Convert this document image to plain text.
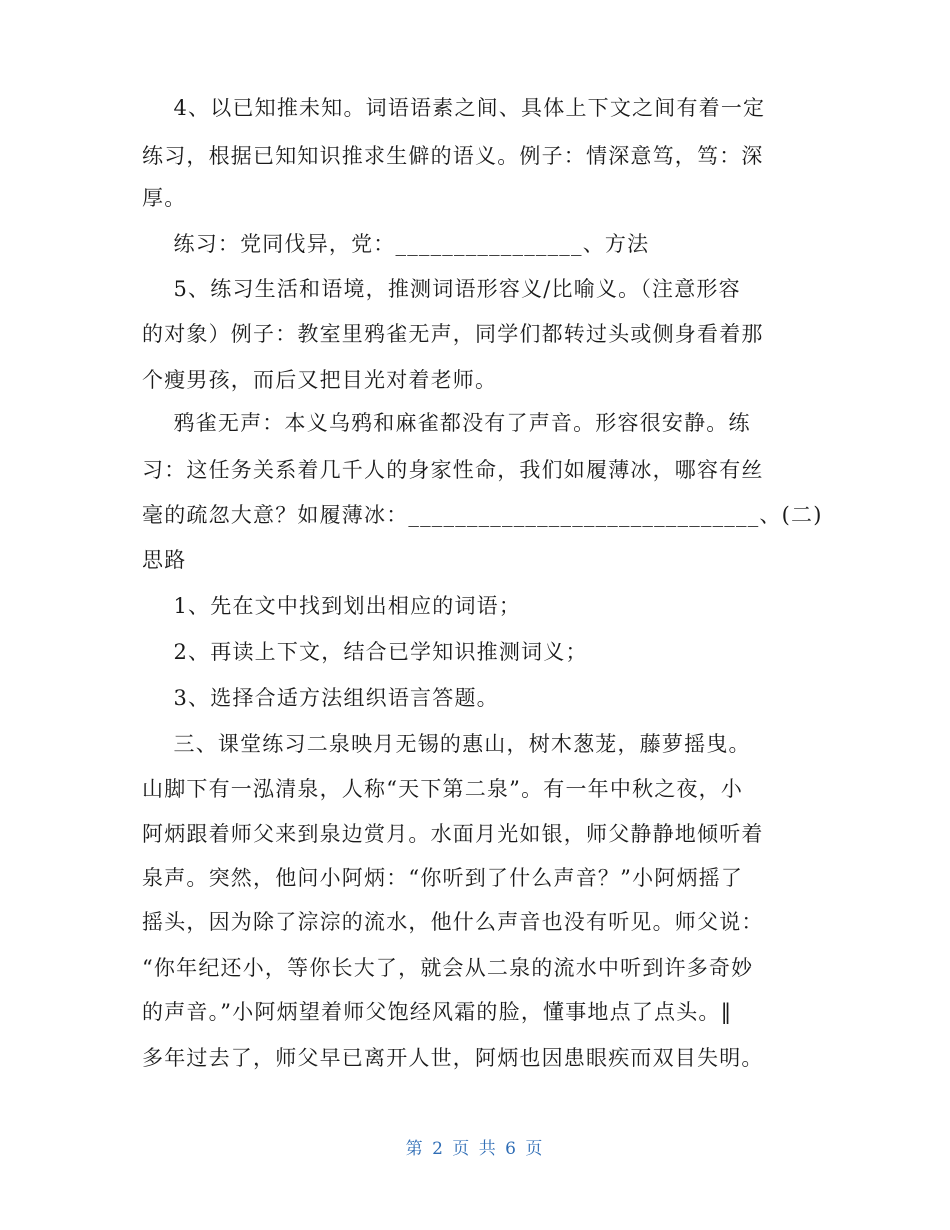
4、以已知推未知。词语语素之间、具体上下文之间有着一定
练习，根据已知知识推求生僻的语义。例子：情深意笃，笃：深
厚。
练习：党同伐异，党：________________、方法
5、练习生活和语境，推测词语形容义/比喻义。（注意形容
的对象）例子：教室里鸦雀无声，同学们都转过头或侧身看着那
个瘦男孩，而后又把目光对着老师。
鸦雀无声：本义乌鸦和麻雀都没有了声音。形容很安静。练
习：这任务关系着几千人的身家性命，我们如履薄冰，哪容有丝
毫的疏忽大意？如履薄冰：______________________________、(二)
思路
1、先在文中找到划出相应的词语；
2、再读上下文，结合已学知识推测词义；
3、选择合适方法组织语言答题。
三、课堂练习二泉映月无锡的惠山，树木葱茏，藤萝摇曳。
山脚下有一泓清泉，人称“天下第二泉”。有一年中秋之夜，小
阿炳跟着师父来到泉边赏月。水面月光如银，师父静静地倾听着
泉声。突然，他问小阿炳：“你听到了什么声音？”小阿炳摇了
摇头，因为除了淙淙的流水，他什么声音也没有听见。师父说：
“你年纪还小，等你长大了，就会从二泉的流水中听到许多奇妙
的声音。”小阿炳望着师父饱经风霜的脸，懂事地点了点头。‖
多年过去了，师父早已离开人世，阿炳也因患眼疾而双目失明。
第 2 页 共 6 页
